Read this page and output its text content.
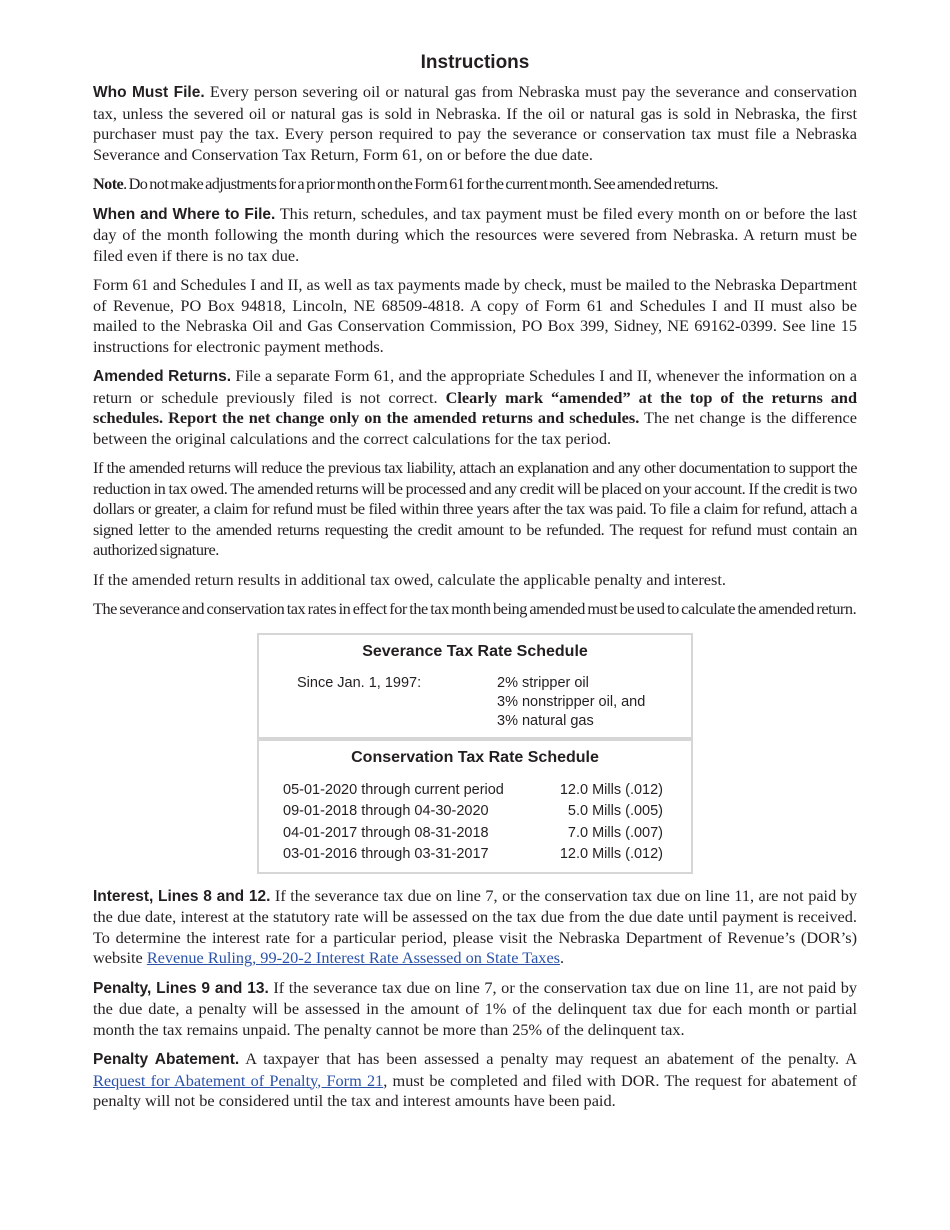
Instructions

Who Must File. Every person severing oil or natural gas from Nebraska must pay the severance and conservation tax, unless the severed oil or natural gas is sold in Nebraska. If the oil or natural gas is sold in Nebraska, the first purchaser must pay the tax. Every person required to pay the severance or conservation tax must file a Nebraska Severance and Conservation Tax Return, Form 61, on or before the due date.

Note. Do not make adjustments for a prior month on the Form 61 for the current month. See amended returns.

When and Where to File. This return, schedules, and tax payment must be filed every month on or before the last day of the month following the month during which the resources were severed from Nebraska. A return must be filed even if there is no tax due.

Form 61 and Schedules I and II, as well as tax payments made by check, must be mailed to the Nebraska Department of Revenue, PO Box 94818, Lincoln, NE 68509-4818. A copy of Form 61 and Schedules I and II must also be mailed to the Nebraska Oil and Gas Conservation Commission, PO Box 399, Sidney, NE 69162-0399. See line 15 instructions for electronic payment methods.

Amended Returns. File a separate Form 61, and the appropriate Schedules I and II, whenever the information on a return or schedule previously filed is not correct. Clearly mark “amended” at the top of the returns and schedules. Report the net change only on the amended returns and schedules. The net change is the difference between the original calculations and the correct calculations for the tax period.

If the amended returns will reduce the previous tax liability, attach an explanation and any other documentation to support the reduction in tax owed. The amended returns will be processed and any credit will be placed on your account. If the credit is two dollars or greater, a claim for refund must be filed within three years after the tax was paid. To file a claim for refund, attach a signed letter to the amended returns requesting the credit amount to be refunded. The request for refund must contain an authorized signature.

If the amended return results in additional tax owed, calculate the applicable penalty and interest.

The severance and conservation tax rates in effect for the tax month being amended must be used to calculate the amended return.

Severance Tax Rate Schedule
Since Jan. 1, 1997:	2% stripper oil
3% nonstripper oil, and
3% natural gas
Conservation Tax Rate Schedule
05-01-2020 through current period	12.0 Mills (.012)
09-01-2018 through 04-30-2020	5.0 Mills (.005)
04-01-2017 through 08-31-2018	7.0 Mills (.007)
03-01-2016 through 03-31-2017	12.0 Mills (.012)

Interest, Lines 8 and 12. If the severance tax due on line 7, or the conservation tax due on line 11, are not paid by the due date, interest at the statutory rate will be assessed on the tax due from the due date until payment is received. To determine the interest rate for a particular period, please visit the Nebraska Department of Revenue’s (DOR’s) website Revenue Ruling, 99-20-2 Interest Rate Assessed on State Taxes.

Penalty, Lines 9 and 13. If the severance tax due on line 7, or the conservation tax due on line 11, are not paid by the due date, a penalty will be assessed in the amount of 1% of the delinquent tax due for each month or partial month the tax remains unpaid. The penalty cannot be more than 25% of the delinquent tax.

Penalty Abatement. A taxpayer that has been assessed a penalty may request an abatement of the penalty. A Request for Abatement of Penalty, Form 21, must be completed and filed with DOR. The request for abatement of penalty will not be considered until the tax and interest amounts have been paid.
